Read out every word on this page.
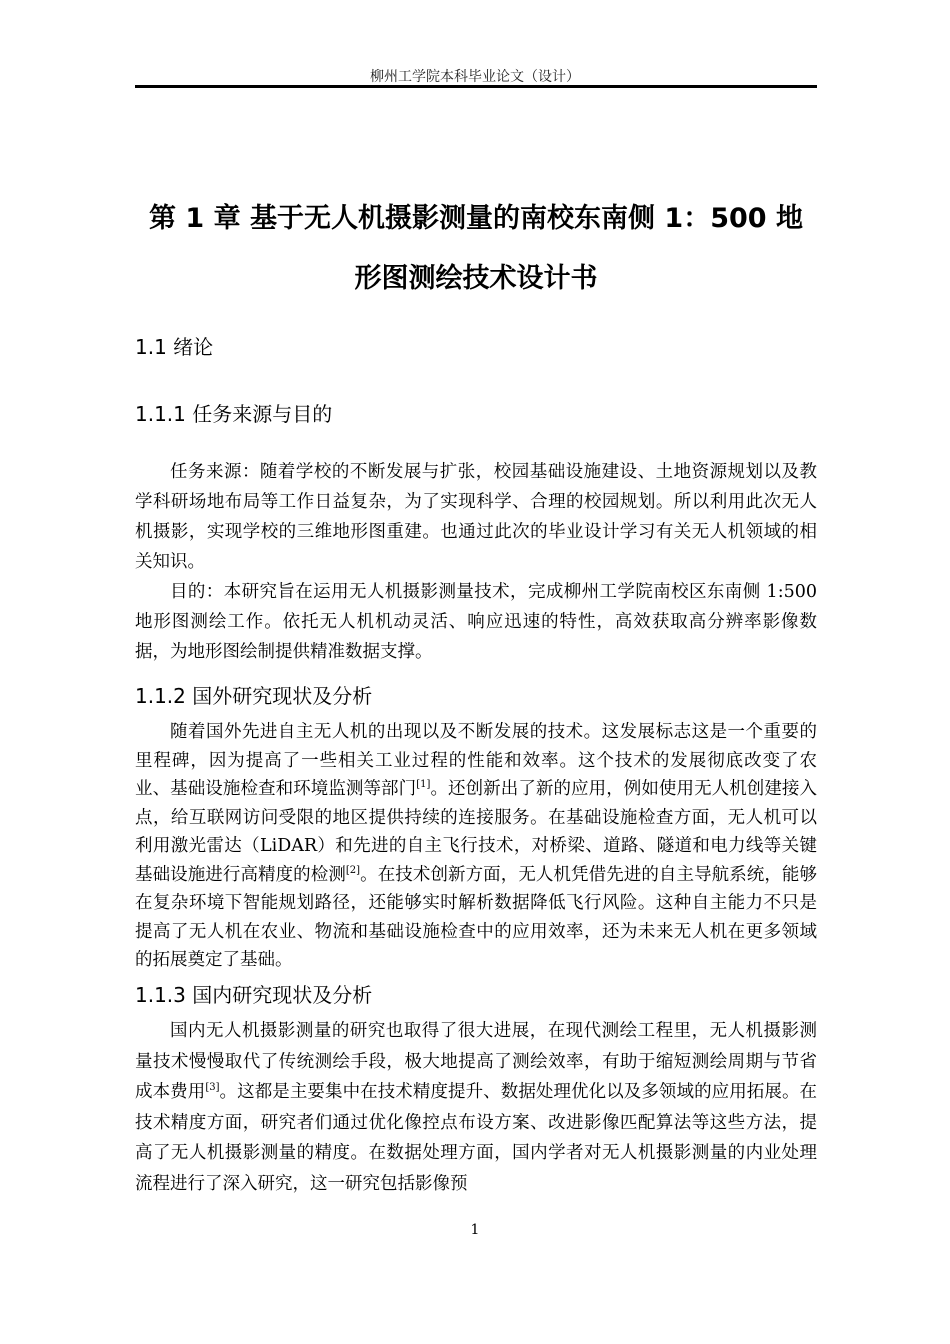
柳州工学院本科毕业论文（设计）
第 1 章 基于无人机摄影测量的南校东南侧 1：500 地
形图测绘技术设计书
1.1 绪论
1.1.1 任务来源与目的

任务来源：随着学校的不断发展与扩张，校园基础设施建设、土地资源规划以及教学科研场地布局等工作日益复杂，为了实现科学、合理的校园规划。所以利用此次无人机摄影，实现学校的三维地形图重建。也通过此次的毕业设计学习有关无人机领域的相关知识。

目的：本研究旨在运用无人机摄影测量技术，完成柳州工学院南校区东南侧 1:500 地形图测绘工作。依托无人机机动灵活、响应迅速的特性，高效获取高分辨率影像数据，为地形图绘制提供精准数据支撑。

1.1.2 国外研究现状及分析

随着国外先进自主无人机的出现以及不断发展的技术。这发展标志这是一个重要的里程碑，因为提高了一些相关工业过程的性能和效率。这个技术的发展彻底改变了农业、基础设施检查和环境监测等部门[1]。还创新出了新的应用，例如使用无人机创建接入点，给互联网访问受限的地区提供持续的连接服务。在基础设施检查方面，无人机可以利用激光雷达（LiDAR）和先进的自主飞行技术，对桥梁、道路、隧道和电力线等关键基础设施进行高精度的检测[2]。在技术创新方面，无人机凭借先进的自主导航系统，能够在复杂环境下智能规划路径，还能够实时解析数据降低飞行风险。这种自主能力不只是提高了无人机在农业、物流和基础设施检查中的应用效率，还为未来无人机在更多领域的拓展奠定了基础。

1.1.3 国内研究现状及分析

国内无人机摄影测量的研究也取得了很大进展，在现代测绘工程里，无人机摄影测量技术慢慢取代了传统测绘手段，极大地提高了测绘效率，有助于缩短测绘周期与节省成本费用[3]。这都是主要集中在技术精度提升、数据处理优化以及多领域的应用拓展。在技术精度方面，研究者们通过优化像控点布设方案、改进影像匹配算法等这些方法，提高了无人机摄影测量的精度。在数据处理方面，国内学者对无人机摄影测量的内业处理流程进行了深入研究，这一研究包括影像预

1
